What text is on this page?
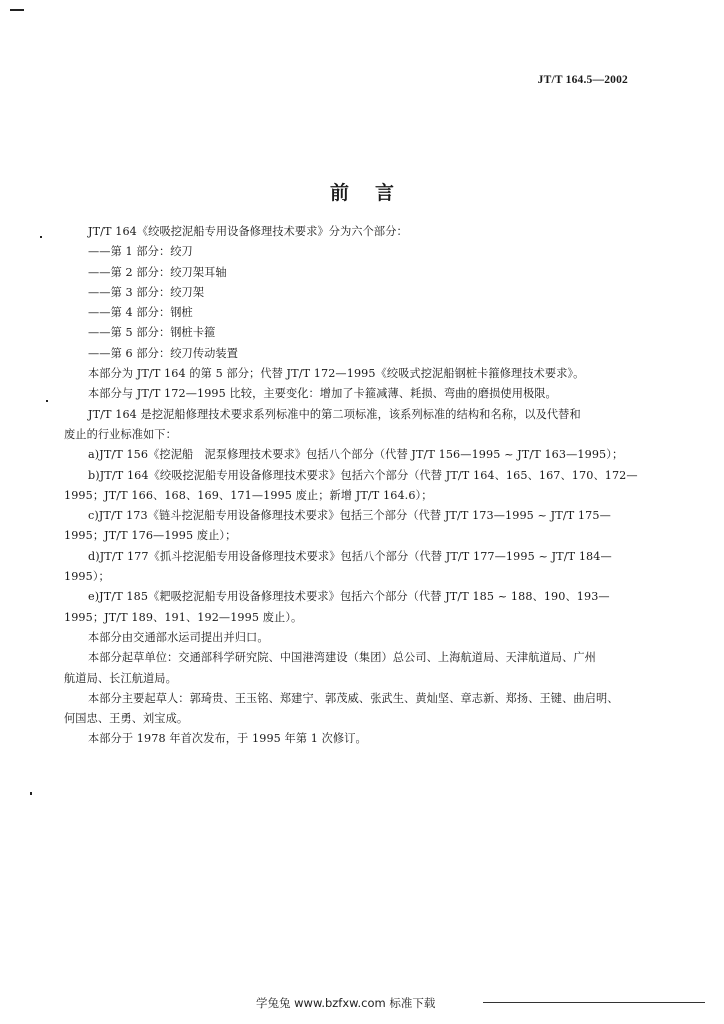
JT/T 164.5—2002
前言

JT/T 164《绞吸挖泥船专用设备修理技术要求》分为六个部分：

——第 1 部分：绞刀

——第 2 部分：绞刀架耳轴

——第 3 部分：绞刀架

——第 4 部分：钢桩

——第 5 部分：钢桩卡箍

——第 6 部分：绞刀传动装置

本部分为 JT/T 164 的第 5 部分；代替 JT/T 172—1995《绞吸式挖泥船钢桩卡箍修理技术要求》。

本部分与 JT/T 172—1995 比较，主要变化：增加了卡箍减薄、耗损、弯曲的磨损使用极限。

JT/T 164 是挖泥船修理技术要求系列标准中的第二项标准，该系列标准的结构和名称，以及代替和

废止的行业标准如下：

a)JT/T 156《挖泥船　泥泵修理技术要求》包括八个部分（代替 JT/T 156—1995 ~ JT/T 163—1995）；

b)JT/T 164《绞吸挖泥船专用设备修理技术要求》包括六个部分（代替 JT/T 164、165、167、170、172—

1995；JT/T 166、168、169、171—1995 废止；新增 JT/T 164.6）；

c)JT/T 173《链斗挖泥船专用设备修理技术要求》包括三个部分（代替 JT/T 173—1995 ~ JT/T 175—

1995；JT/T 176—1995 废止）；

d)JT/T 177《抓斗挖泥船专用设备修理技术要求》包括八个部分（代替 JT/T 177—1995 ~ JT/T 184—

1995）；

e)JT/T 185《耙吸挖泥船专用设备修理技术要求》包括六个部分（代替 JT/T 185 ~ 188、190、193—

1995；JT/T 189、191、192—1995 废止）。

本部分由交通部水运司提出并归口。

本部分起草单位：交通部科学研究院、中国港湾建设（集团）总公司、上海航道局、天津航道局、广州

航道局、长江航道局。

本部分主要起草人：郭琦贵、王玉铭、郑建宁、郭茂威、张武生、黄灿坚、章志新、郑扬、王键、曲启明、

何国忠、王勇、刘宝成。

本部分于 1978 年首次发布，于 1995 年第 1 次修订。

学兔兔 www.bzfxw.com 标准下载
